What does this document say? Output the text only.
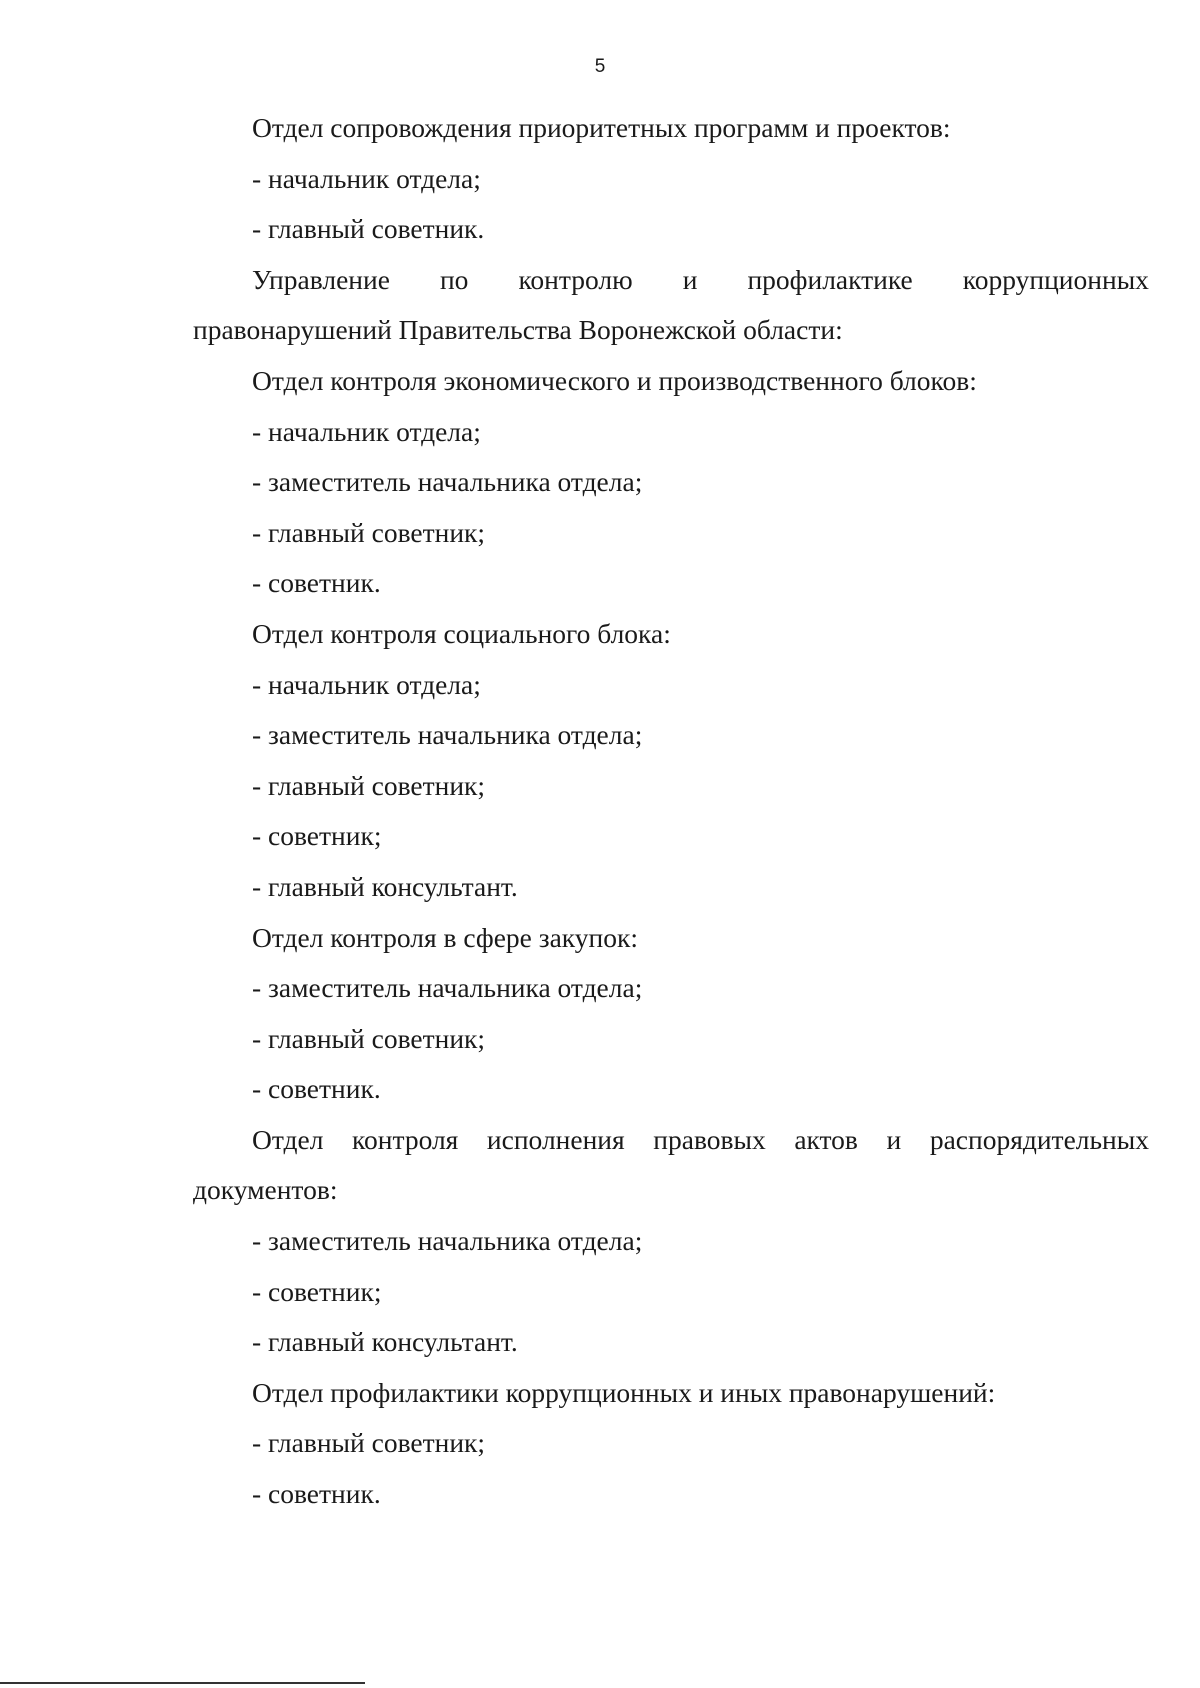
5

Отдел сопровождения приоритетных программ и проектов:

- начальник отдела;

- главный советник.

Управление по контролю и профилактике коррупционных

правонарушений Правительства Воронежской области:

Отдел контроля экономического и производственного блоков:

- начальник отдела;

- заместитель начальника отдела;

- главный советник;

- советник.

Отдел контроля социального блока:

- начальник отдела;

- заместитель начальника отдела;

- главный советник;

- советник;

- главный консультант.

Отдел контроля в сфере закупок:

- заместитель начальника отдела;

- главный советник;

- советник.

Отдел контроля исполнения правовых актов и распорядительных

документов:

- заместитель начальника отдела;

- советник;

- главный консультант.

Отдел профилактики коррупционных и иных правонарушений:

- главный советник;

- советник.
